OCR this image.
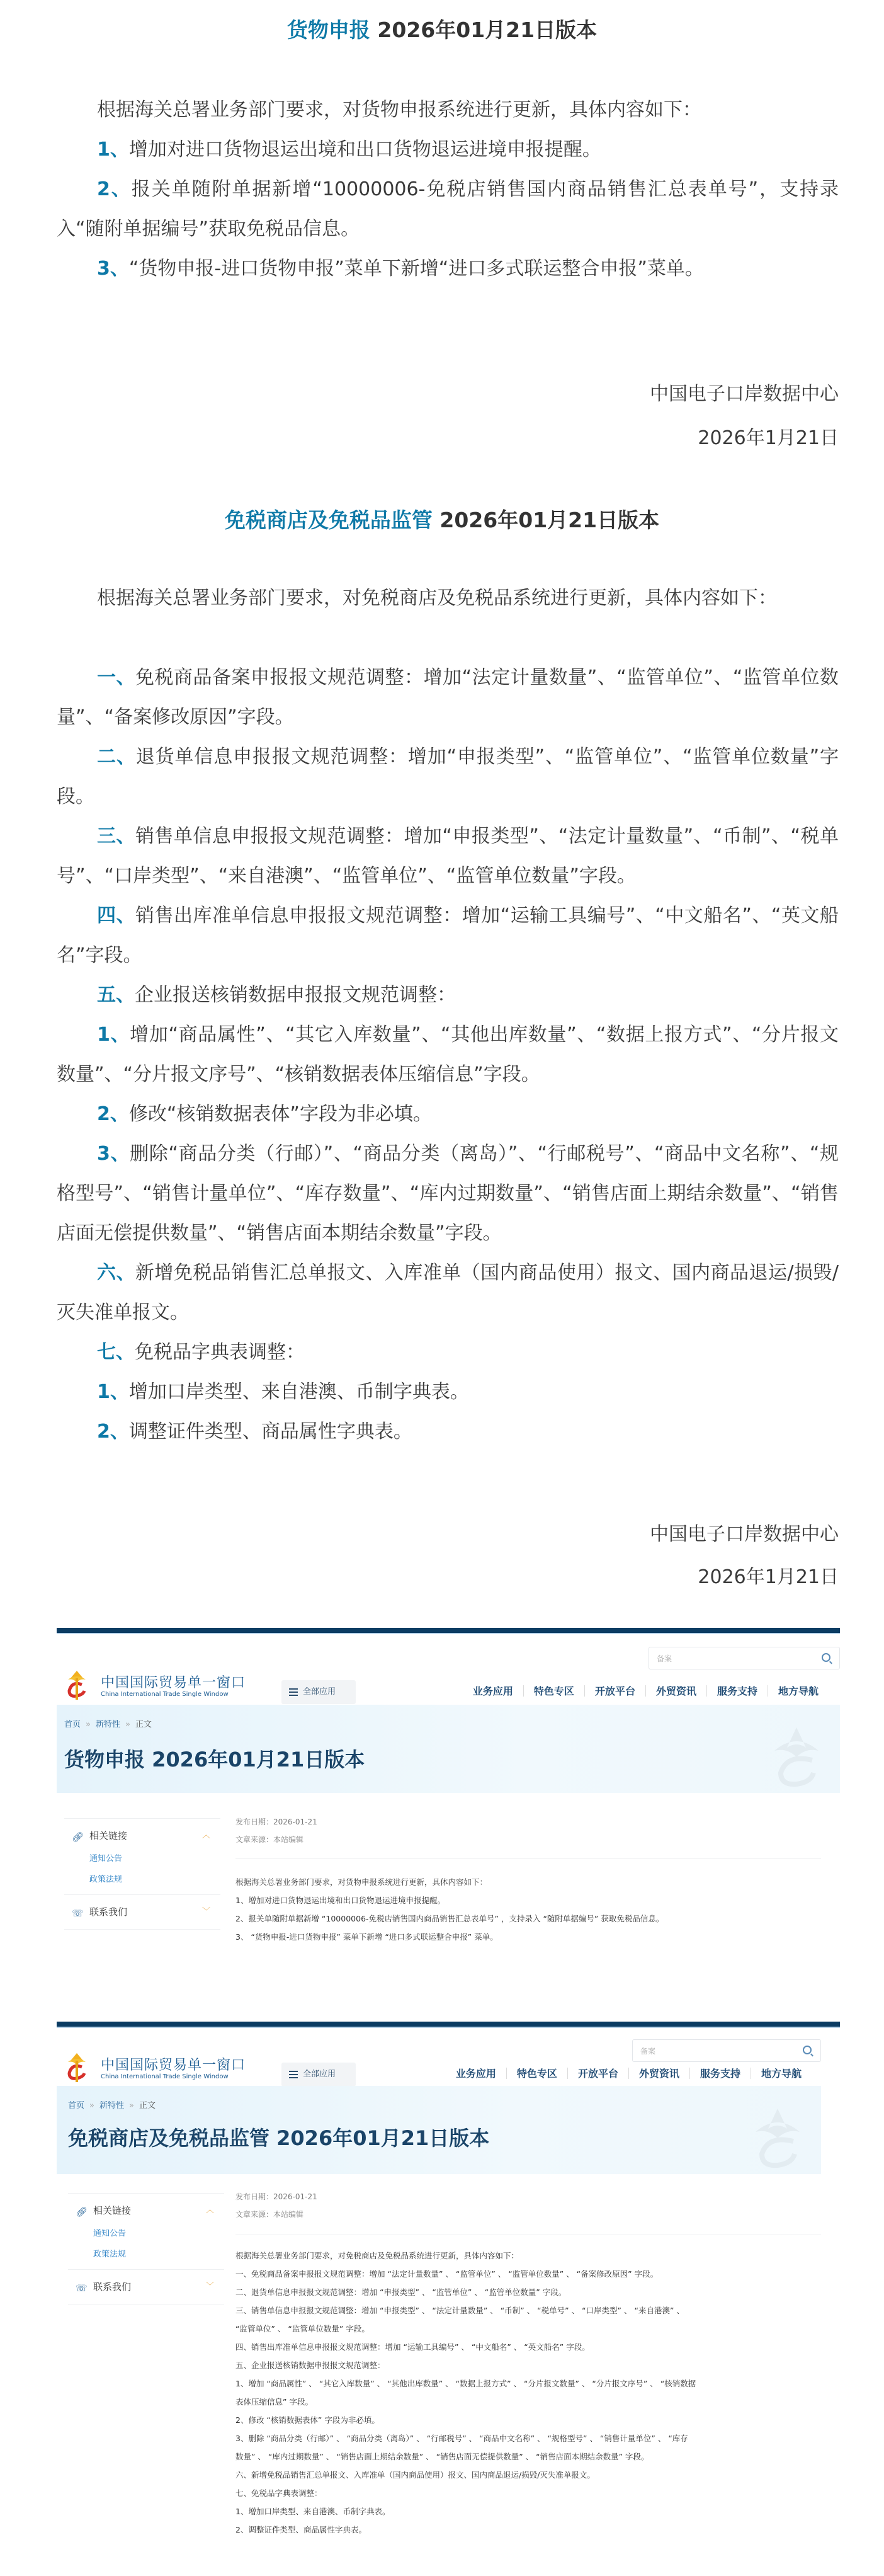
货物申报 2026年01月21日版本

根据海关总署业务部门要求，对货物申报系统进行更新，具体内容如下：

1、增加对进口货物退运出境和出口货物退运进境申报提醒。

2、报关单随附单据新增“10000006-免税店销售国内商品销售汇总表单号”，支持录入“随附单据编号”获取免税品信息。

3、“货物申报-进口货物申报”菜单下新增“进口多式联运整合申报”菜单。

中国电子口岸数据中心
2026年1月21日
免税商店及免税品监管 2026年01月21日版本

根据海关总署业务部门要求，对免税商店及免税品系统进行更新，具体内容如下：

一、免税商品备案申报报文规范调整：增加“法定计量数量”、“监管单位”、“监管单位数量”、“备案修改原因”字段。

二、退货单信息申报报文规范调整：增加“申报类型”、“监管单位”、“监管单位数量”字段。

三、销售单信息申报报文规范调整：增加“申报类型”、“法定计量数量”、“币制”、“税单号”、“口岸类型”、“来自港澳”、“监管单位”、“监管单位数量”字段。

四、销售出库准单信息申报报文规范调整：增加“运输工具编号”、“中文船名”、“英文船名”字段。

五、企业报送核销数据申报报文规范调整：

1、增加“商品属性”、“其它入库数量”、“其他出库数量”、“数据上报方式”、“分片报文数量”、“分片报文序号”、“核销数据表体压缩信息”字段。

2、修改“核销数据表体”字段为非必填。

3、删除“商品分类（行邮）”、“商品分类（离岛）”、“行邮税号”、“商品中文名称”、“规格型号”、“销售计量单位”、“库存数量”、“库内过期数量”、“销售店面上期结余数量”、“销售店面无偿提供数量”、“销售店面本期结余数量”字段。

六、新增免税品销售汇总单报文、入库准单（国内商品使用）报文、国内商品退运/损毁/灭失准单报文。

七、免税品字典表调整：

1、增加口岸类型、来自港澳、币制字典表。

2、调整证件类型、商品属性字典表。

中国电子口岸数据中心
2026年1月21日
中国国际贸易单一窗口
China International Trade Single Window	全部应用
备案
业务应用	特色专区	开放平台	外贸资讯	服务支持	地方导航
首页 » 新特性 » 正文
货物申报 2026年01月21日版本
🔗︎ 相关链接	︿
通知公告
政策法规
☏ 联系我们	﹀
发布日期：2026-01-21
文章来源：本站编辑
根据海关总署业务部门要求，对货物申报系统进行更新，具体内容如下：
1、增加对进口货物退运出境和出口货物退运进境申报提醒。
2、报关单随附单据新增 “10000006-免税店销售国内商品销售汇总表单号” ，支持录入 “随附单据编号” 获取免税品信息。
3、 “货物申报-进口货物申报” 菜单下新增 “进口多式联运整合申报” 菜单。
中国国际贸易单一窗口
China International Trade Single Window	全部应用
备案
业务应用	特色专区	开放平台	外贸资讯	服务支持	地方导航
首页 » 新特性 » 正文
免税商店及免税品监管 2026年01月21日版本
🔗︎ 相关链接	︿
通知公告
政策法规
☏ 联系我们	﹀
发布日期：2026-01-21
文章来源：本站编辑
根据海关总署业务部门要求，对免税商店及免税品系统进行更新，具体内容如下：
一、免税商品备案申报报文规范调整：增加 “法定计量数量” 、 “监管单位” 、 “监管单位数量” 、 “备案修改原因” 字段。
二、退货单信息申报报文规范调整：增加 “申报类型” 、 “监管单位” 、 “监管单位数量” 字段。
三、销售单信息申报报文规范调整：增加 “申报类型” 、 “法定计量数量” 、 “币制” 、 “税单号” 、 “口岸类型” 、 “来自港澳” 、
“监管单位” 、 “监管单位数量” 字段。
四、销售出库准单信息申报报文规范调整：增加 “运输工具编号” 、 “中文船名” 、 “英文船名” 字段。
五、企业报送核销数据申报报文规范调整：
1、增加 “商品属性” 、 “其它入库数量” 、 “其他出库数量” 、 “数据上报方式” 、 “分片报文数量” 、 “分片报文序号” 、 “核销数据
表体压缩信息” 字段。
2、修改 “核销数据表体” 字段为非必填。
3、删除 “商品分类（行邮）” 、 “商品分类（离岛）” 、 “行邮税号” 、 “商品中文名称” 、 “规格型号” 、 “销售计量单位” 、 “库存
数量” 、 “库内过期数量” 、 “销售店面上期结余数量” 、 “销售店面无偿提供数量” 、 “销售店面本期结余数量” 字段。
六、新增免税品销售汇总单报文、入库准单（国内商品使用）报文、国内商品退运/损毁/灭失准单报文。
七、免税品字典表调整：
1、增加口岸类型、来自港澳、币制字典表。
2、调整证件类型、商品属性字典表。
